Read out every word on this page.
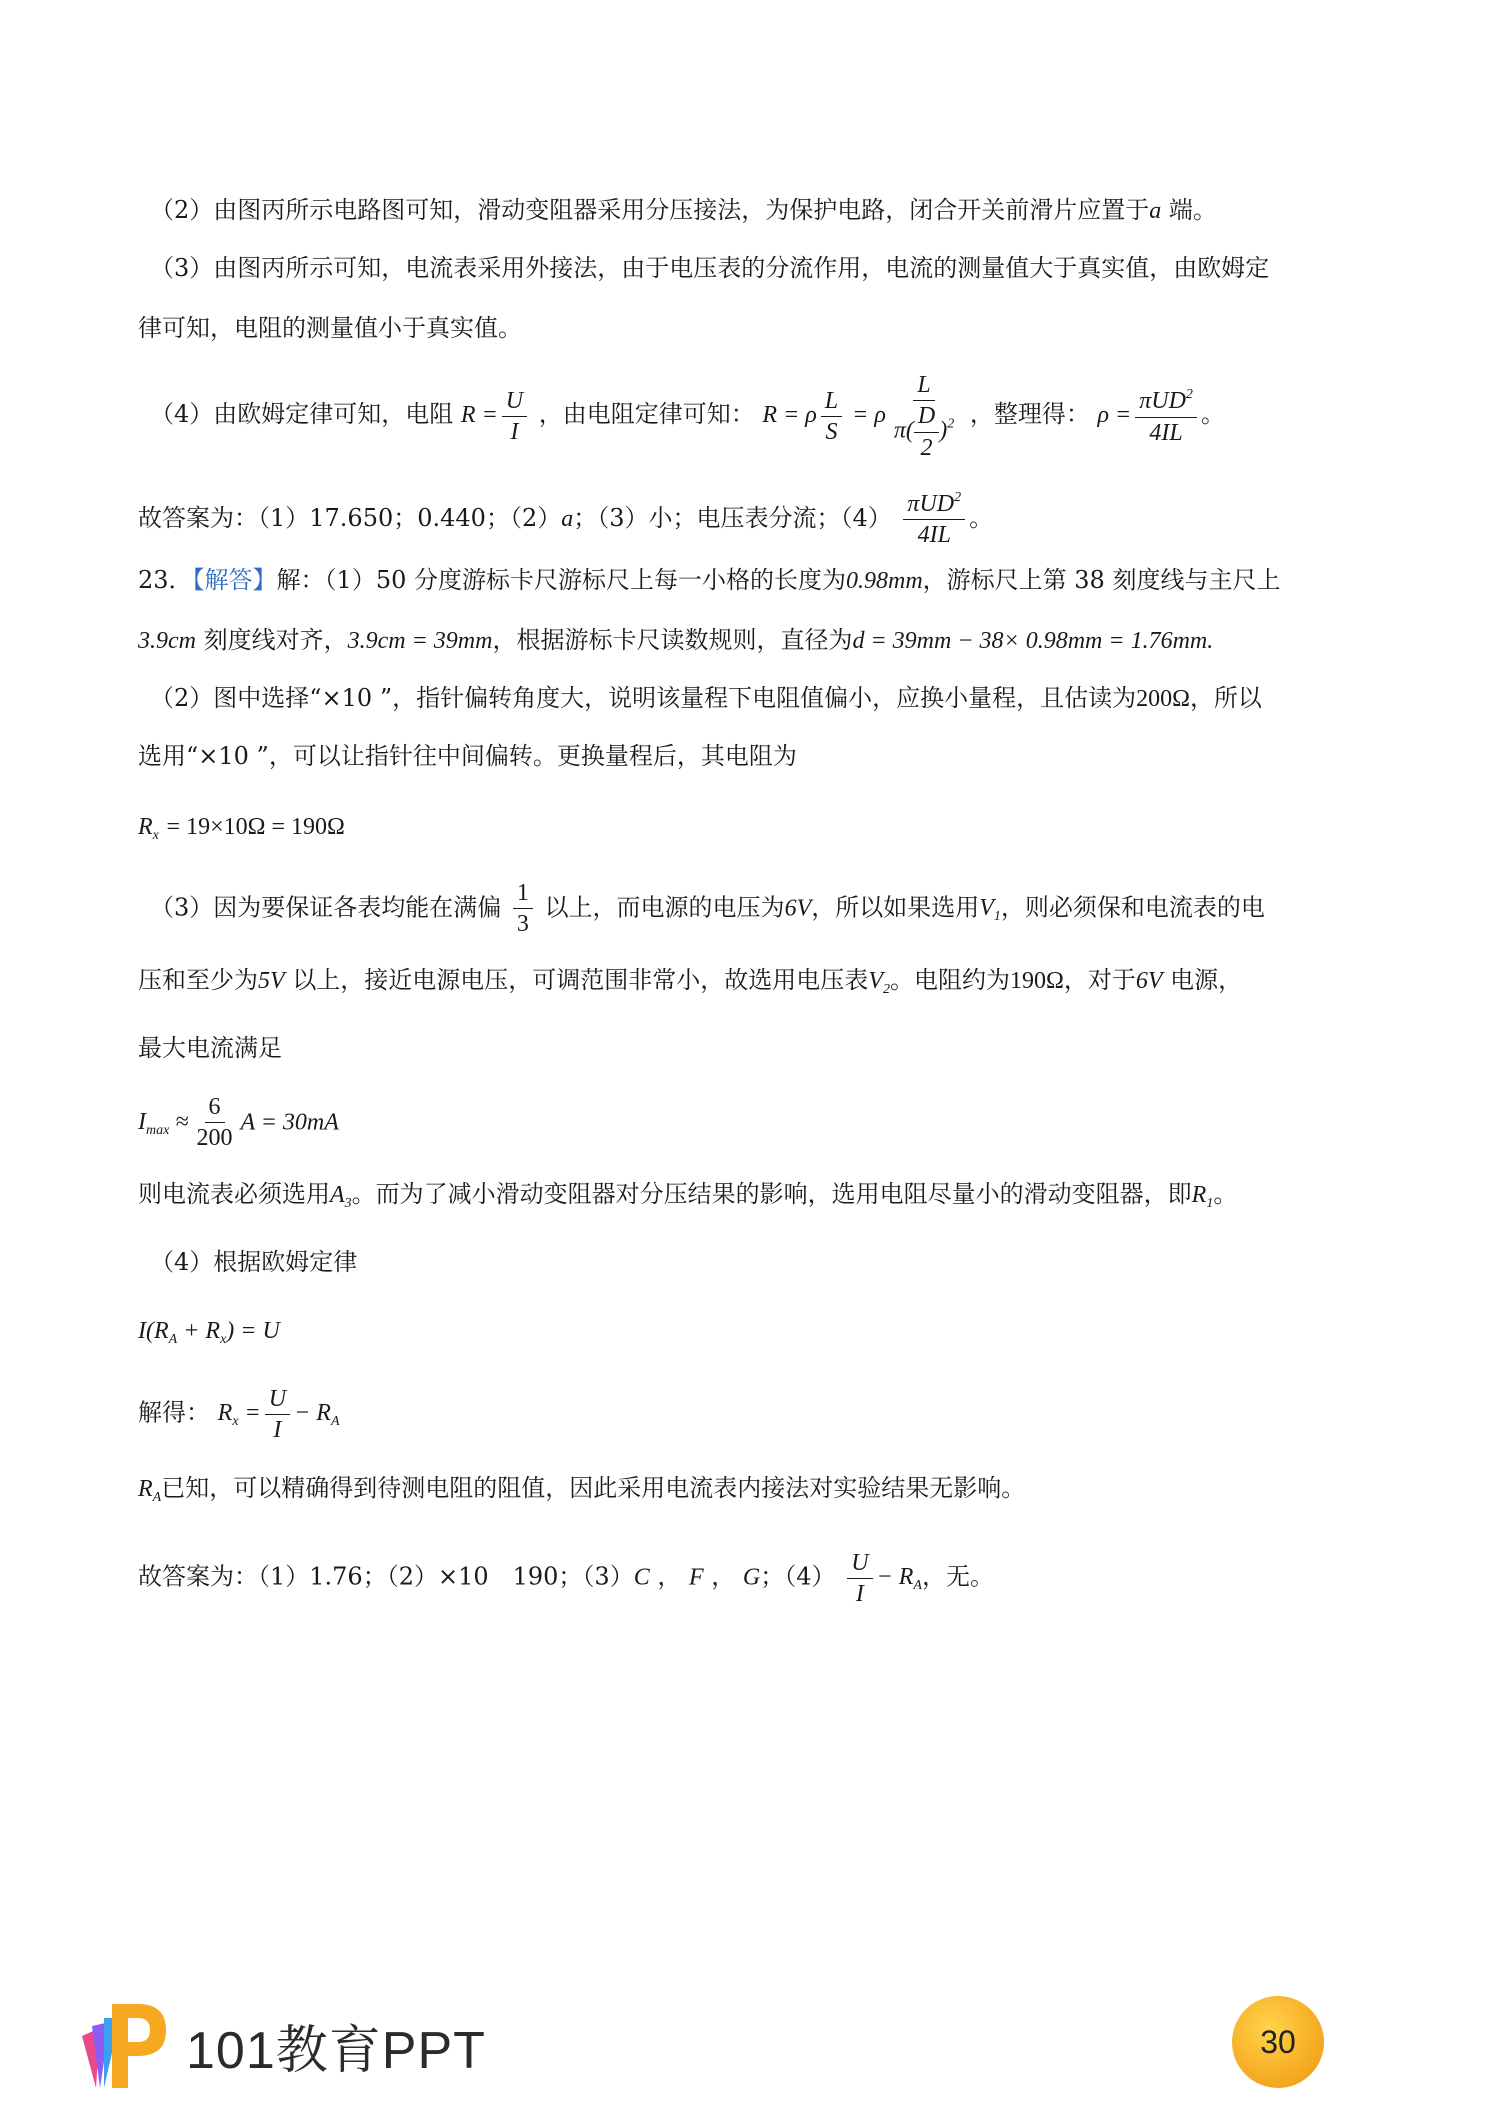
（2）由图丙所示电路图可知，滑动变阻器采用分压接法，为保护电路，闭合开关前滑片应置于a 端。
（3）由图丙所示可知，电流表采用外接法，由于电压表的分流作用，电流的测量值大于真实值，由欧姆定
律可知，电阻的测量值小于真实值。
（4）由欧姆定律可知，电阻 $R = \frac{U}{I}$ ，由电阻定律可知： R = ρ $\frac{L}{S} = \rho \frac{L}{\pi( \frac{D}{2} )^2}$ ，整理得： $\rho = \frac{\pi UD^2}{4IL}$ 。
故答案为：（1）17.650；0.440；（2）a；（3）小；电压表分流；$(4) \frac{\pi UD^2}{4IL}$ 。
23．【解答】解：（1）50 分度游标卡尺游标尺上每一小格的长度为0.98mm，游标尺上第 38 刻度线与主尺上
3.9cm 刻度线对齐，3.9cm = 39mm，根据游标卡尺读数规则，直径为d = 39mm − 38× 0.98mm = 1.76mm.
（2）图中选择“×10 ”，指针偏转角度大，说明该量程下电阻值偏小，应换小量程，且估读为200Ω，所以
选用“×10 ”，可以让指针往中间偏转。更换量程后，其电阻为
$R_x = 19\times 10\Omega = 190\Omega$
（3）因为要保证各表均能在满偏 $\frac{1}{3}$ 以上，而电源的电压为6V，所以如果选用$V_1$，则必须保和电流表的电
压和至少为5V 以上，接近电源电压，可调范围非常小，故选用电压表$V_2$。电阻约为190Ω，对于6V 电源，
最大电流满足
$I_{max} \approx \frac{6}{200}$ A = 30mA
则电流表必须选用$A_3$。而为了减小滑动变阻器对分压结果的影响，选用电阻尽量小的滑动变阻器，即$R_1$。
（4）根据欧姆定律
$I(R_A + R_x) = U$
解得： $R_x = \frac{U}{I} - R_A$
$R_A$已知，可以精确得到待测电阻的阻值，因此采用电流表内接法对实验结果无影响。
故答案为：（1）1.76；（2）×10　190；（3）C ， F ， G；$(4) \frac{U}{I} - R_A$，无。
101教育PPT	30
